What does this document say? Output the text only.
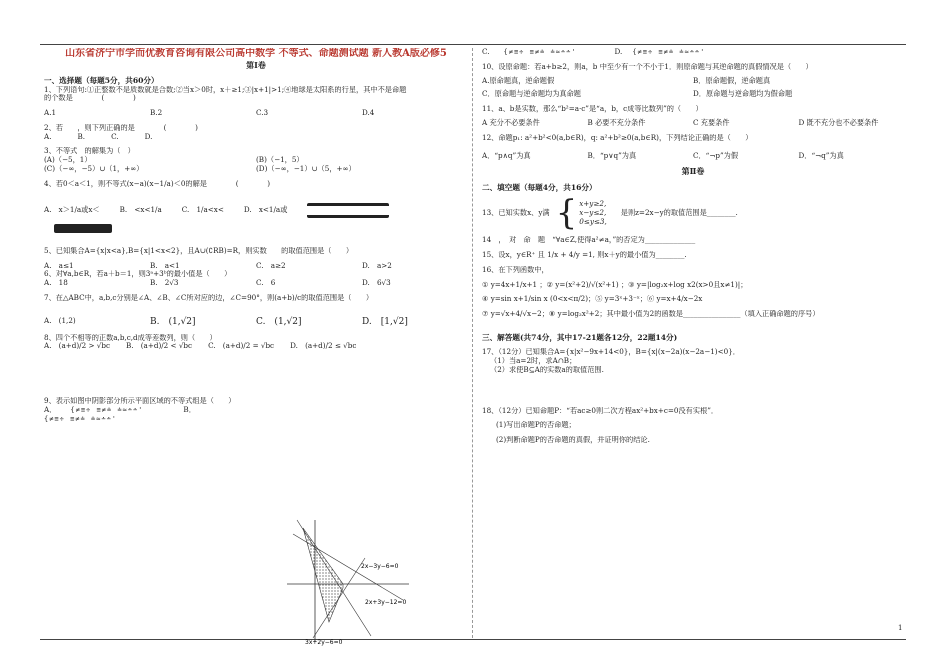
山东省济宁市学而优教育咨询有限公司高中数学 不等式、命题测试题 新人教A版必修5
第Ⅰ卷
一、选择题（每题5分，共60分）
1、下列语句:①正整数不是质数就是合数;②当x＞0时，x＋≥1;③|x+1|>1;④地球是太阳系的行星，其中不是命题
的个数是　　　　(　　　　)
A.1	B.2	C.3	D.4
2、若　　，则下列正确的是　　　　(　　　　)
A.	B.	C.	D.
3、不等式　的解集为（　）
(A)（−5，1）	(B)（−1，5）
(C)（−∞，−5）∪（1，+∞）	(D)（−∞，−1）∪（5，+∞）
4、若0＜a＜1，则不等式(x−a)(x−1/a)＜0的解是　　　　(　　　　)
A.　x＞1/a或x＜	B.　<x<1/a	C.　1/a<x<	D.　x<1/a或
5、已知集合A={x|x<a},B={x|1<x<2}，且A∪(∁RB)=R，则实数　　的取值范围是（　　）
A.　a≤1	B.　a<1	C.　a≥2	D.　a>2
6、对∀a,b∈R，若a＋b＝1，则3ᵃ+3ᵇ的最小值是（　　）
A.　18	B.　2√3	C.　6	D.　6√3
7、在△ABC中，a,b,c分别是∠A、∠B、∠C所对应的边，∠C=90°，则(a+b)/c的取值范围是（　　）
A.　(1,2)	B.　(1,√2]	C.　(1,√2]	D.　[1,√2]
8、四个不相等的正数a,b,c,d成等差数列，则（　　）
A.　(a+d)/2 > √bc B.　(a+d)/2 < √bc C.　(a+d)/2 = √bc D.　(a+d)/2 ≤ √bc
9、表示如图中阴影部分所示平面区域的不等式组是（　　）
A． {≠≡÷ ≡≠≐ ≐≈∸∸'	B．
{≠≡÷ ≡≠≐ ≐≈∸∸'
2x−3y−6=0
2x+3y−12=0
3x+2y−6=0
C. {≠≡÷ ≡≠≐ ≐≈∸∸'	D. {≠≡÷ ≡≠≐ ≐≈∸∸'
10、设原命题：若a+b≥2，则a，b 中至少有一个不小于1．则原命题与其逆命题的真假情况是（　　）
A.原命题真，逆命题假	B．原命题假，逆命题真
C．原命题与逆命题均为真命题	D．原命题与逆命题均为假命题
11、a、b是实数，那么“b²=a·c”是“a，b，c成等比数列”的（　　）
A 充分不必要条件	B 必要不充分条件	C 充要条件	D 既不充分也不必要条件
12、命题p₁: a²+b²<0(a,b∈R)，q: a²+b²≥0(a,b∈R)，下列结论正确的是（　　）
A．“p∧q”为真	B．“p∨q”为真	C．“¬p”为假	D．“¬q”为真
第Ⅱ卷
二、填空题（每题4分，共16分）
13、已知实数x、y满 { x+y≥2,
x−y≤2,
0≤y≤3,
是则z=2x−y的取值范围是________.
14　，　对　命　题　“∀a∈Z,使得a²≠a，”的否定为______________
15、设x，y∈R⁺ 且 1/x + 4/y =1, 则x＋y的最小值为________.
16、在下列函数中，
① y=4x+1/x+1 ；② y=(x²+2)/√(x²+1) ；③ y=|log₂x+log x2(x>0且x≠1)|；
④ y=sin x+1/sin x (0<x<π/2)；⑤ y=3ˣ+3⁻ˣ；⑥ y=x+4/x−2x
⑦ y=√x+4/√x−2；⑧ y=log₂x²+2；其中最小值为2的函数是________________（填入正确命题的序号）
三、解答题(共74分，其中17-21题各12分，22题14分)
17、（12分）已知集合A={x|x²−9x+14<0}，B={x|(x−2a)(x−2a−1)<0}．
（1）当a=2时，求A∩B；
（2）求使B⊆A的实数a的取值范围.
18、（12分）已知命题P：“若ac≥0则二次方程ax²+bx+c=0没有实根”．
(1)写出命题P的否命题；
(2)判断命题P的否命题的真假，并证明你的结论.
1
